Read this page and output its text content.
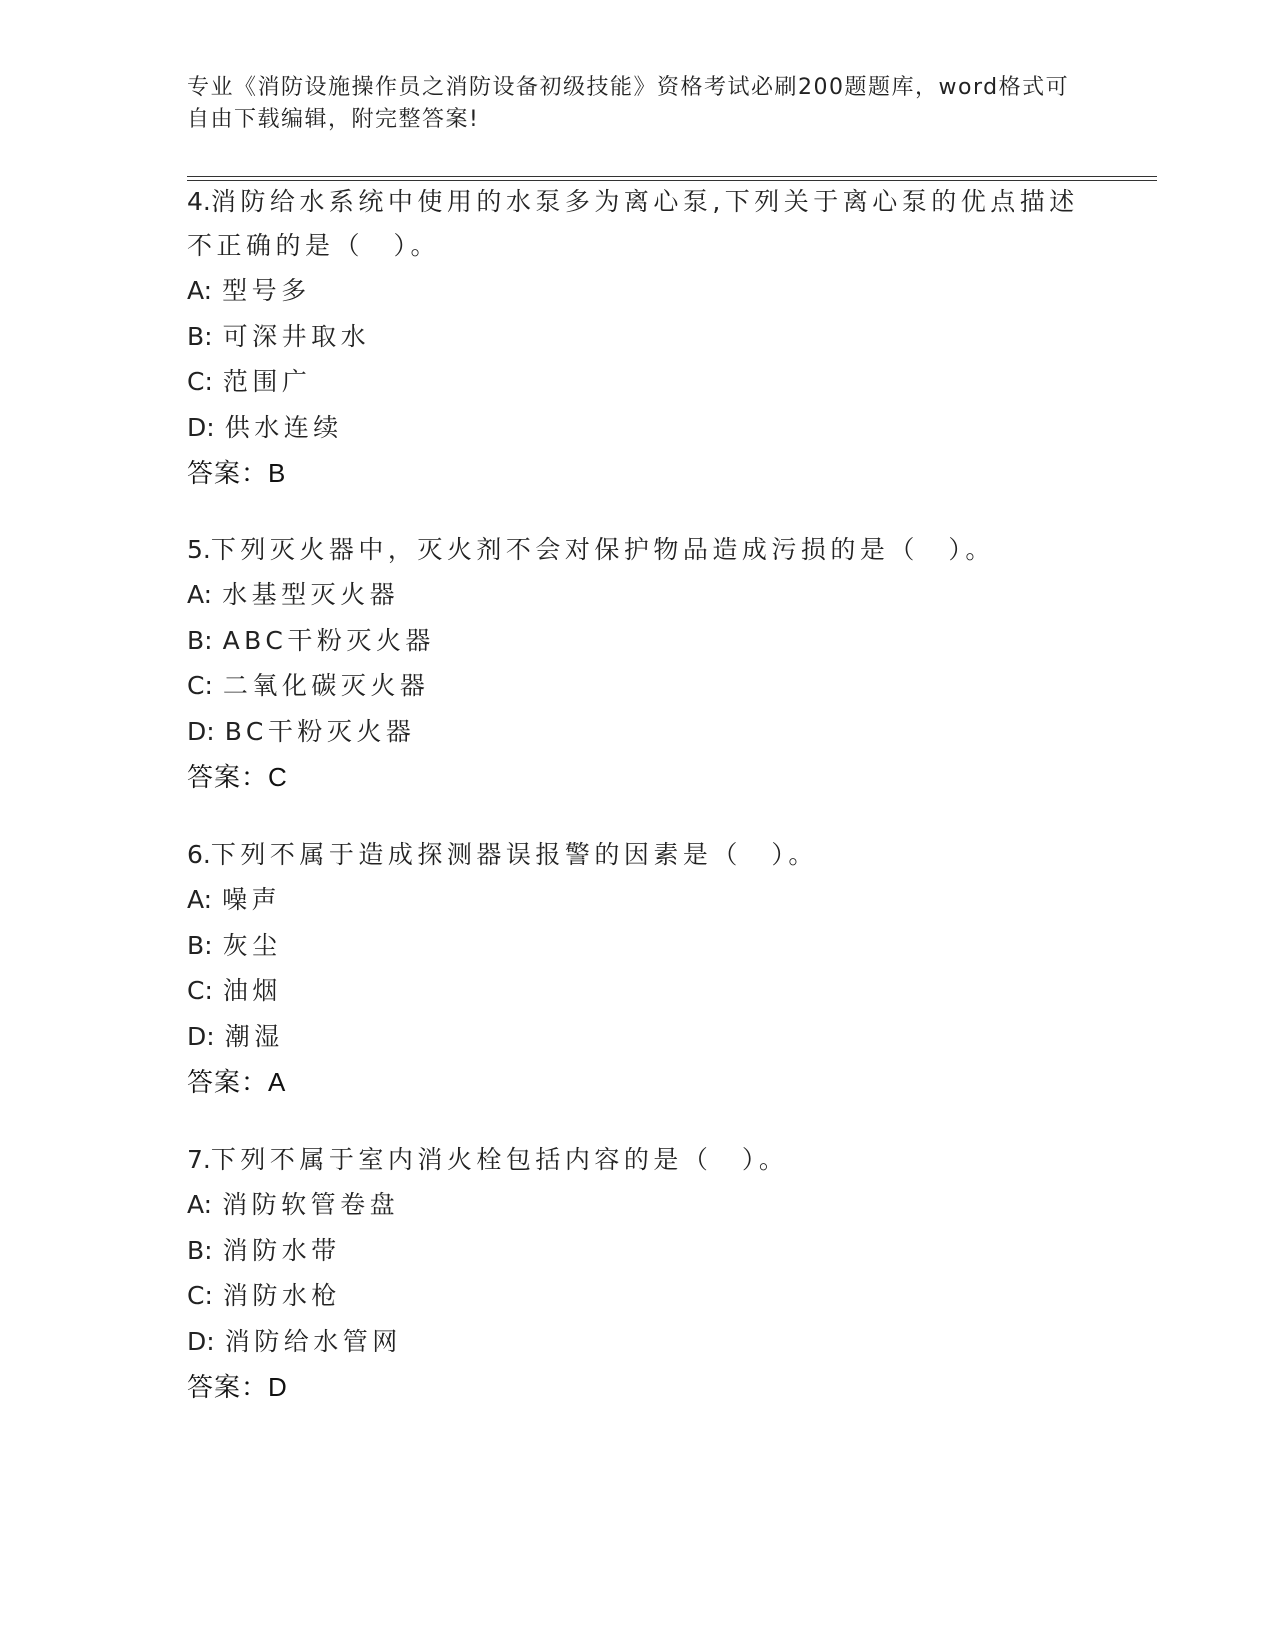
专业《消防设施操作员之消防设备初级技能》资格考试必刷200题题库，word格式可自由下载编辑，附完整答案!

4.消防给水系统中使用的水泵多为离心泵,下列关于离心泵的优点描述不正确的是（　）。

A: 型号多
B: 可深井取水
C: 范围广
D: 供水连续
答案：B

5.下列灭火器中，灭火剂不会对保护物品造成污损的是（　）。

A: 水基型灭火器
B: ABC干粉灭火器
C: 二氧化碳灭火器
D: BC干粉灭火器
答案：C

6.下列不属于造成探测器误报警的因素是（　）。

A: 噪声
B: 灰尘
C: 油烟
D: 潮湿
答案：A

7.下列不属于室内消火栓包括内容的是（　）。

A: 消防软管卷盘
B: 消防水带
C: 消防水枪
D: 消防给水管网
答案：D
